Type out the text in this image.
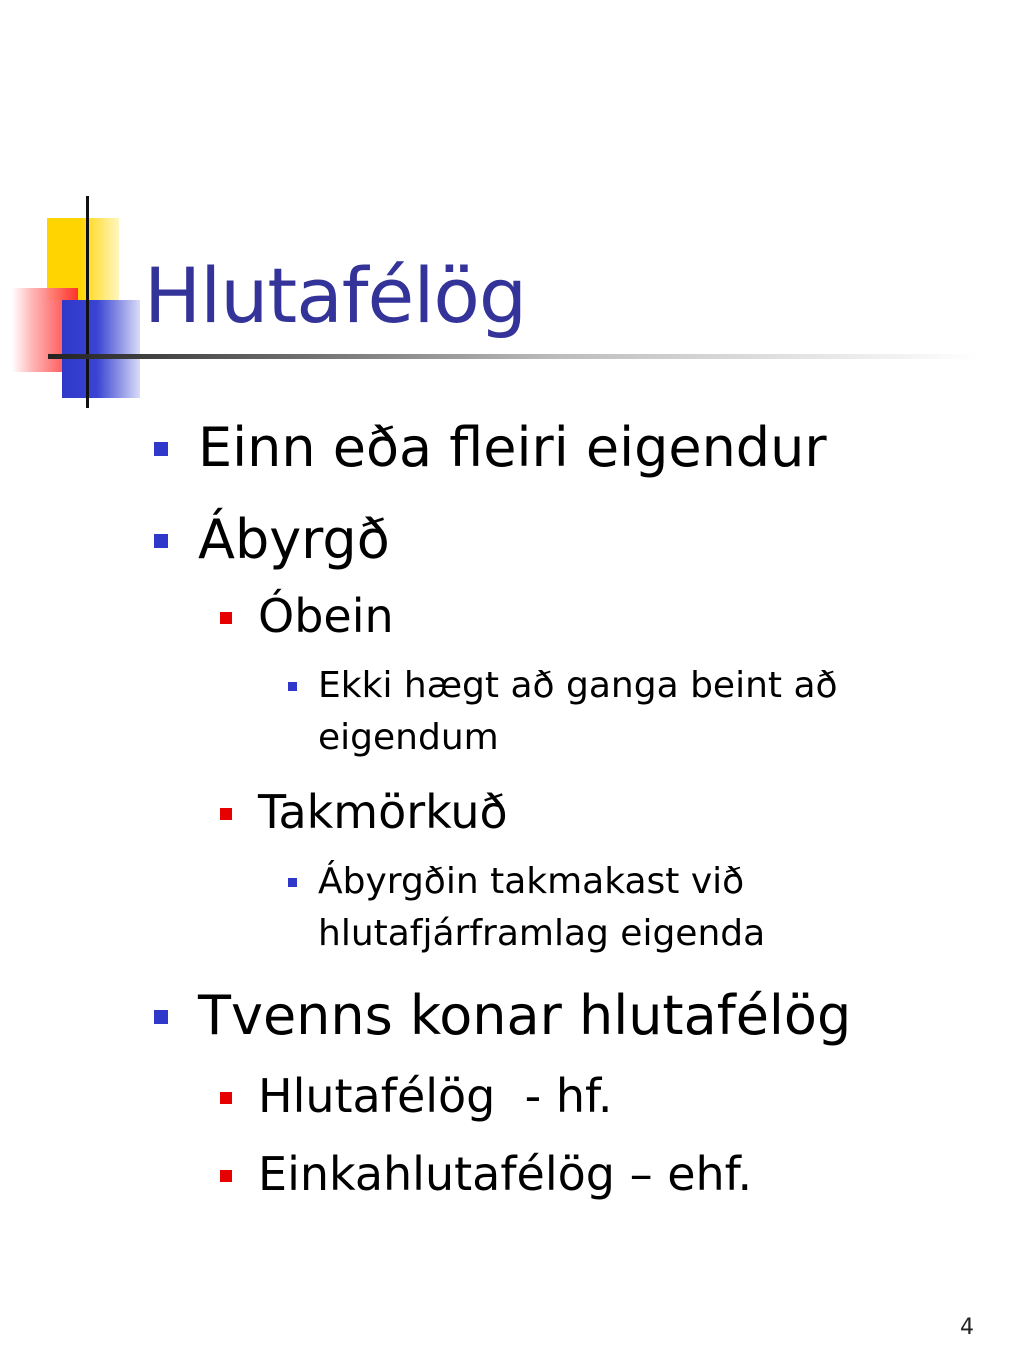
Hlutafélög
Einn eða fleiri eigendur
Ábyrgð
Óbein
Ekki hægt að ganga beint að eigendum
Takmörkuð
Ábyrgðin takmakast við hlutafjárframlag eigenda
Tvenns konar hlutafélög
Hlutafélög  - hf.
Einkahlutafélög – ehf.
4
